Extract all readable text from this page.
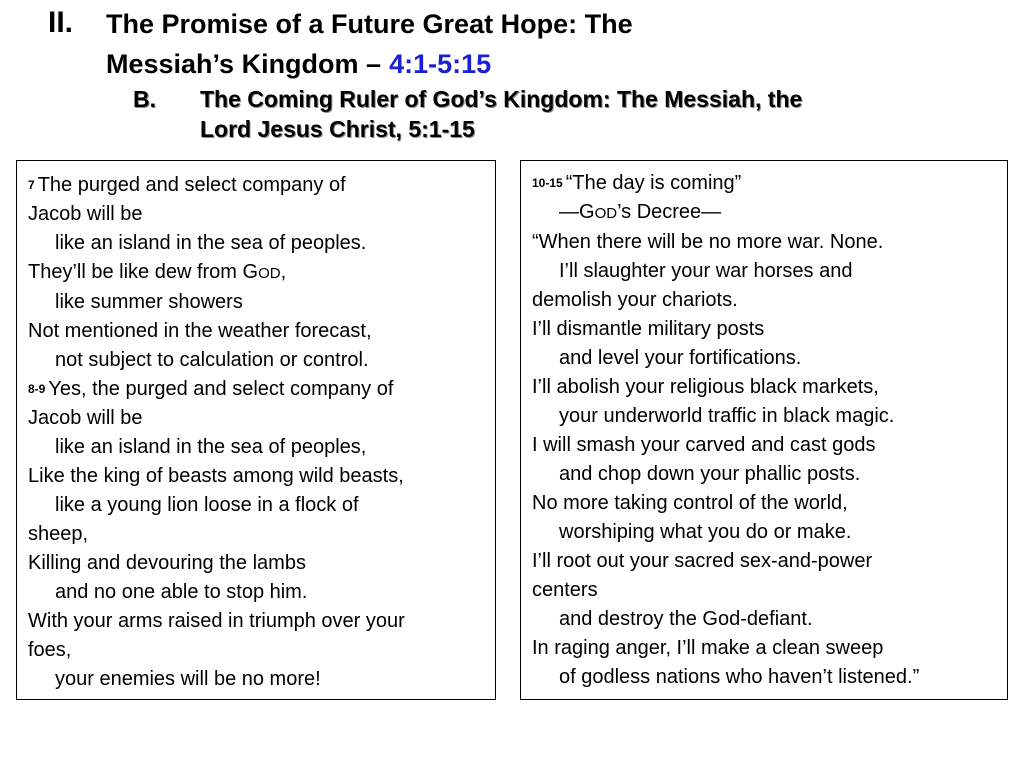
II. The Promise of a Future Great Hope: The
Messiah’s Kingdom – 4:1-5:15
B. The Coming Ruler of God’s Kingdom: The Messiah, the
Lord Jesus Christ, 5:1-15
$^7$ The purged and select company of
Jacob will be
like an island in the sea of peoples.
They’ll be like dew from GOD,
like summer showers
Not mentioned in the weather forecast,
not subject to calculation or control.
$^{8-9}$ Yes, the purged and select company of
Jacob will be
like an island in the sea of peoples,
Like the king of beasts among wild beasts,
like a young lion loose in a flock of
sheep,
Killing and devouring the lambs
and no one able to stop him.
With your arms raised in triumph over your
foes,
your enemies will be no more!
$^{10-15}$ “The day is coming”
—GOD’s Decree—
“When there will be no more war. None.
I’ll slaughter your war horses and
demolish your chariots.
I’ll dismantle military posts
and level your fortifications.
I’ll abolish your religious black markets,
your underworld traffic in black magic.
I will smash your carved and cast gods
and chop down your phallic posts.
No more taking control of the world,
worshiping what you do or make.
I’ll root out your sacred sex-and-power
centers
and destroy the God-defiant.
In raging anger, I’ll make a clean sweep
of godless nations who haven’t listened.”
